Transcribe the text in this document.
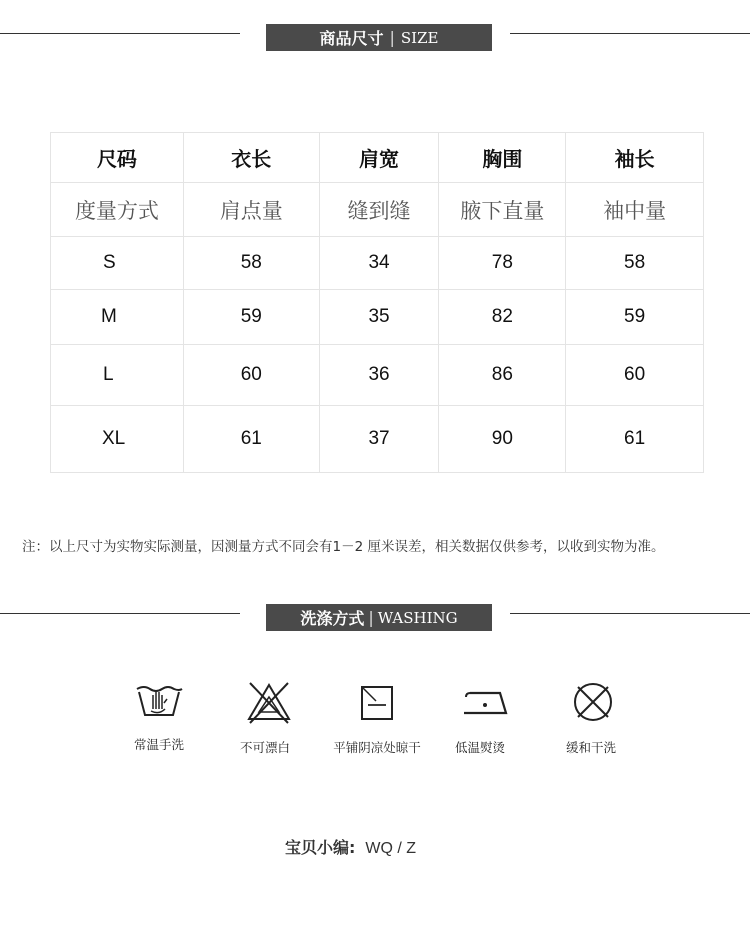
商品尺寸 | SIZE
尺码	衣长	肩宽	胸围	袖长
度量方式	肩点量	缝到缝	腋下直量	袖中量
S	58	34	78	58
M	59	35	82	59
L	60	36	86	60
XL	61	37	90	61
注：以上尺寸为实物实际测量，因测量方式不同会有1－2 厘米误差，相关数据仅供参考，以收到实物为准。
洗涤方式 | WASHING
常温手洗	不可漂白	平铺阴凉处晾干	低温熨烫	缓和干洗
宝贝小编: WQ / Z
